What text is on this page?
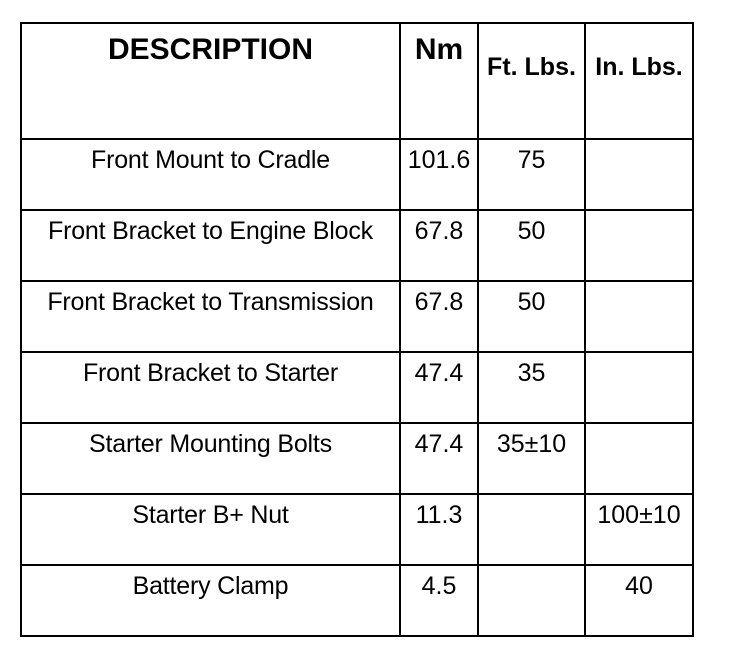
DESCRIPTION	Nm	Ft. Lbs.	In. Lbs.

Front Mount to Cradle	101.6	75	

Front Bracket to Engine Block	67.8	50	

Front Bracket to Transmission	67.8	50	

Front Bracket to Starter	47.4	35	

Starter Mounting Bolts	47.4	35±10	

Starter B+ Nut	11.3		100±10

Battery Clamp	4.5		40
